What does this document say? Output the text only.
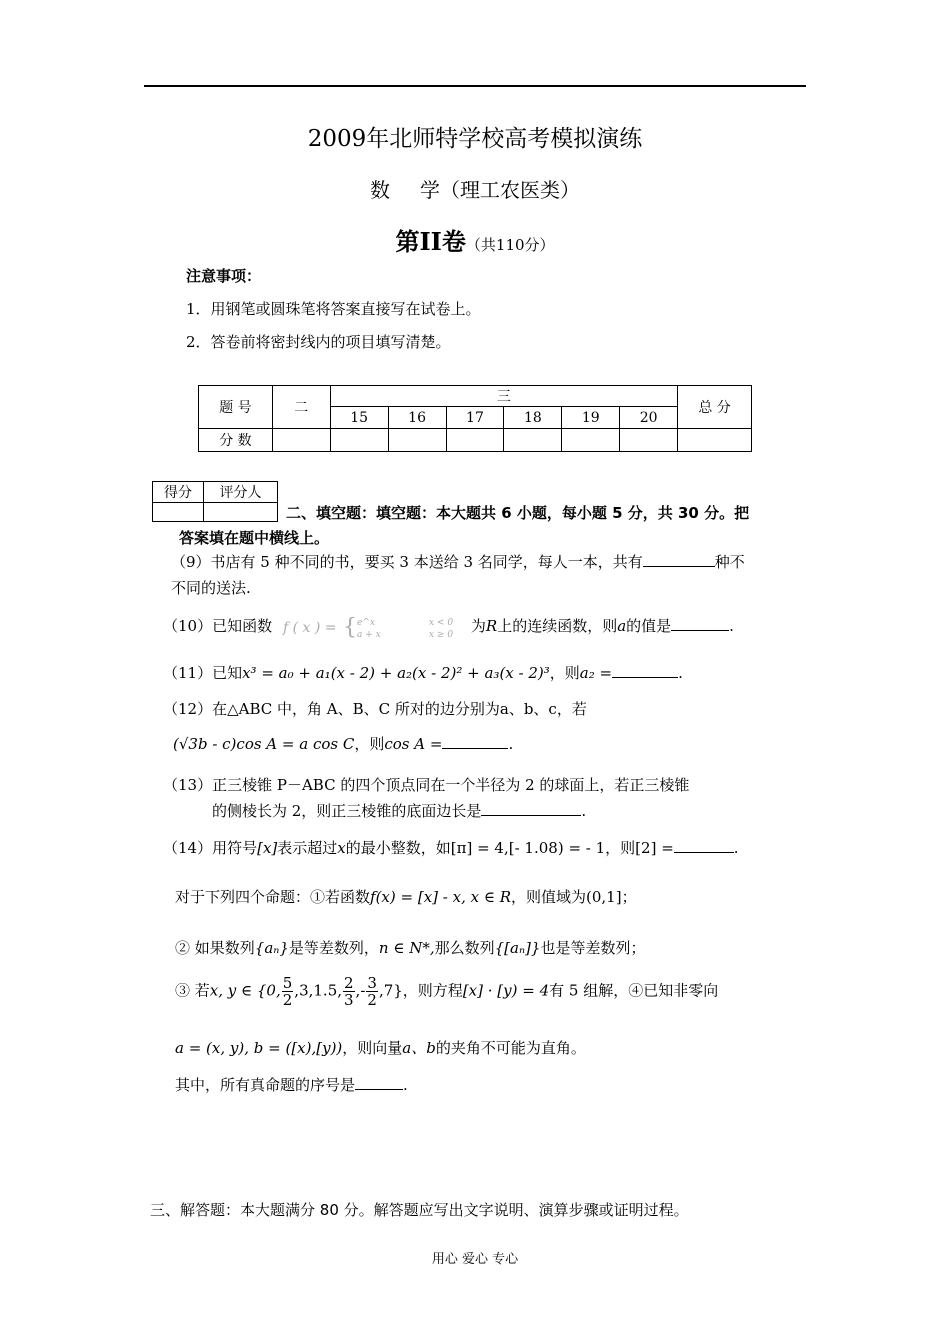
2009年北师特学校高考模拟演练
数 学（理工农医类）
第II卷（共110分）
注意事项：
1．用钢笔或圆珠笔将答案直接写在试卷上。
2．答卷前将密封线内的项目填写清楚。
题 号	二	三						总 分
		15	16	17	18	19	20	
分 数								
得分	评分人

二、填空题：填空题：本大题共 6 小题，每小题 5 分，共 30 分。把
答案填在题中横线上。
（9）书店有 5 种不同的书，要买 3 本送给 3 名同学，每人一本，共有	种不
不同的送法.
（10）已知函数 f ( x ) = { e^x
a + x
x < 0
x ≥ 0 为R上的连续函数，则a的值是	.
（11）已知x³ = a₀ + a₁(x - 2) + a₂(x - 2)² + a₃(x - 2)³，则a₂ =	.
（12）在△ABC 中，角 A、B、C 所对的边分别为a、b、c，若
(√3b - c)cos A = a cos C，则cos A =	.
（13）正三棱锥 P－ABC 的四个顶点同在一个半径为 2 的球面上，若正三棱锥
的侧棱长为 2，则正三棱锥的底面边长是	.
（14）用符号[x]表示超过x的最小整数，如[π] = 4,[- 1.08) = - 1，则[2] =	.
对于下列四个命题：①若函数f(x) = [x] - x, x ∈ R，则值域为(0,1]；
② 如果数列{aₙ}是等差数列，n ∈ N*,那么数列{[aₙ]}也是等差数列；
③ 若x, y ∈ {0, $\frac{5}{2} ,3,1.5$, $\frac{2}{3}$ ,- $\frac{3}{2} ,7$}，则方程[x] · [y) = 4有 5 组解，④已知非零向
a = (x, y), b = ([x),[y))，则向量a、b的夹角不可能为直角。
其中，所有真命题的序号是	.
三、解答题：本大题满分 80 分。解答题应写出文字说明、演算步骤或证明过程。
用心 爱心 专心
